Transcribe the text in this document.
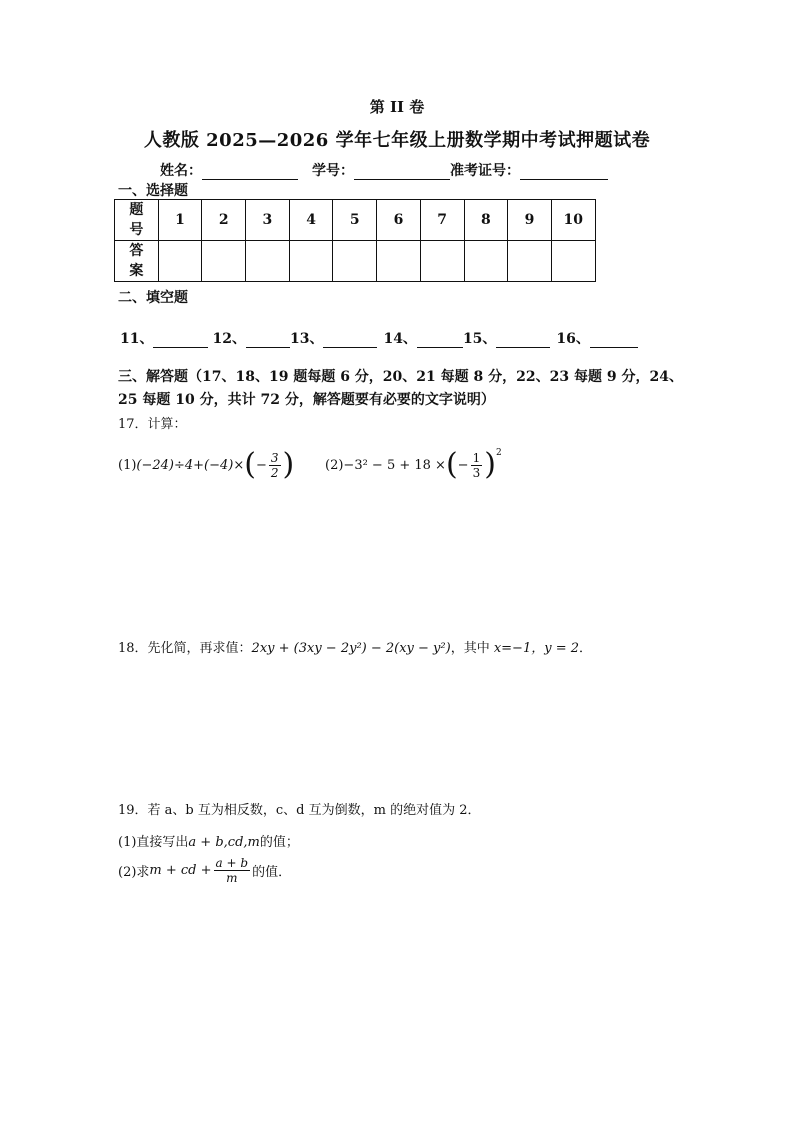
第 II 卷
人教版 2025—2026 学年七年级上册数学期中考试押题试卷
姓名：	学号：	准考证号：
一、选择题
题号	1	2	3	4	5	6	7	8	9	10
答案										
二、填空题
11、	12、	13、	14、	15、	16、
三、解答题（17、18、19 题每题 6 分，20、21 每题 8 分，22、23 每题 9 分，24、
25 每题 10 分，共计 72 分，解答题要有必要的文字说明）
17．计算：
(1) (−24)÷4+(−4)× ( − $\frac{3}{2}$ ) (2) −3² − 5 + 18 × ( − $\frac{1}{3} )^2$
18．先化简，再求值：2xy + (3xy − 2y²) − 2(xy − y²)，其中 x=−1，y = 2．
19．若 a、b 互为相反数，c、d 互为倒数，m 的绝对值为 2．
(1)直接写出a + b,cd,m的值；
(2)求 m + cd + $\frac{a + b}{m}$ 的值．
